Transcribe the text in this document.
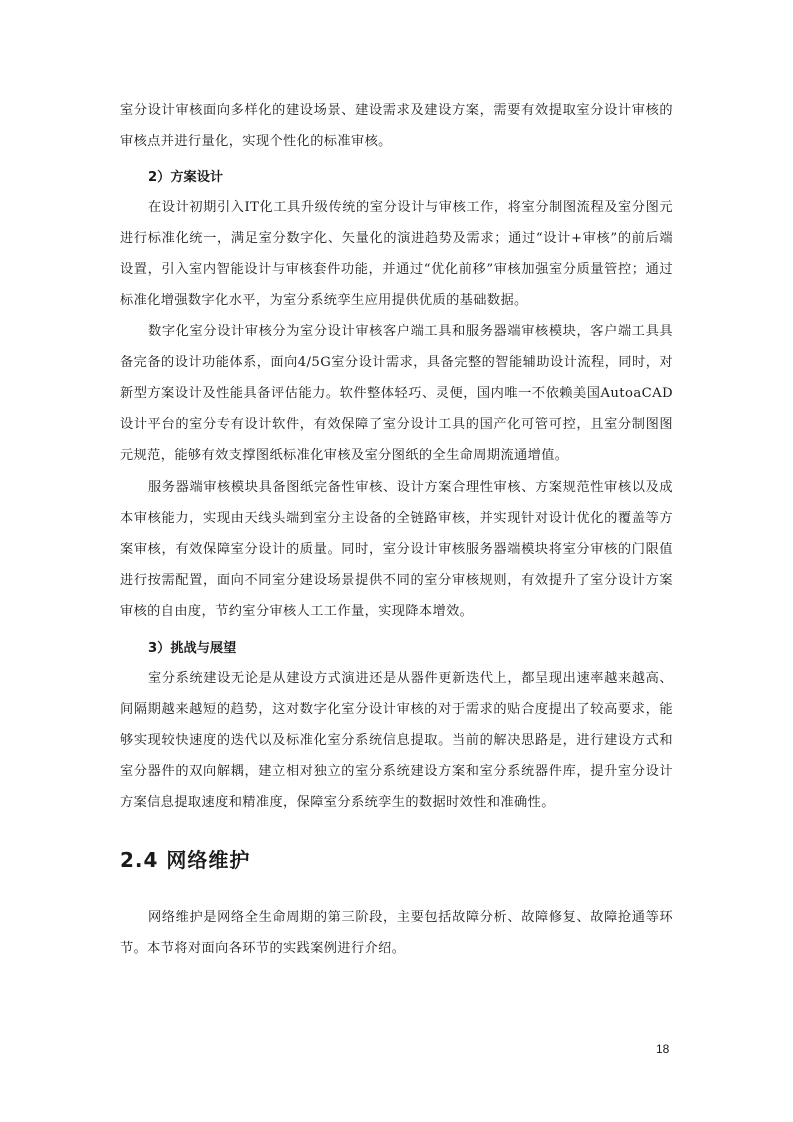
室分设计审核面向多样化的建设场景、建设需求及建设方案，需要有效提取室分设计审核的审核点并进行量化，实现个性化的标准审核。

2）方案设计

在设计初期引入IT化工具升级传统的室分设计与审核工作，将室分制图流程及室分图元进行标准化统一，满足室分数字化、矢量化的演进趋势及需求；通过“设计+审核”的前后端设置，引入室内智能设计与审核套件功能，并通过“优化前移”审核加强室分质量管控；通过标准化增强数字化水平，为室分系统孪生应用提供优质的基础数据。

数字化室分设计审核分为室分设计审核客户端工具和服务器端审核模块，客户端工具具备完备的设计功能体系，面向4/5G室分设计需求，具备完整的智能辅助设计流程，同时，对新型方案设计及性能具备评估能力。软件整体轻巧、灵便，国内唯一不依赖美国AutoaCAD设计平台的室分专有设计软件，有效保障了室分设计工具的国产化可管可控，且室分制图图元规范，能够有效支撑图纸标准化审核及室分图纸的全生命周期流通增值。

服务器端审核模块具备图纸完备性审核、设计方案合理性审核、方案规范性审核以及成本审核能力，实现由天线头端到室分主设备的全链路审核，并实现针对设计优化的覆盖等方案审核，有效保障室分设计的质量。同时，室分设计审核服务器端模块将室分审核的门限值进行按需配置，面向不同室分建设场景提供不同的室分审核规则，有效提升了室分设计方案审核的自由度，节约室分审核人工工作量，实现降本增效。

3）挑战与展望

室分系统建设无论是从建设方式演进还是从器件更新迭代上，都呈现出速率越来越高、间隔期越来越短的趋势，这对数字化室分设计审核的对于需求的贴合度提出了较高要求，能够实现较快速度的迭代以及标准化室分系统信息提取。当前的解决思路是，进行建设方式和室分器件的双向解耦，建立相对独立的室分系统建设方案和室分系统器件库，提升室分设计方案信息提取速度和精准度，保障室分系统孪生的数据时效性和准确性。

2.4 网络维护

网络维护是网络全生命周期的第三阶段，主要包括故障分析、故障修复、故障抢通等环节。本节将对面向各环节的实践案例进行介绍。

18
